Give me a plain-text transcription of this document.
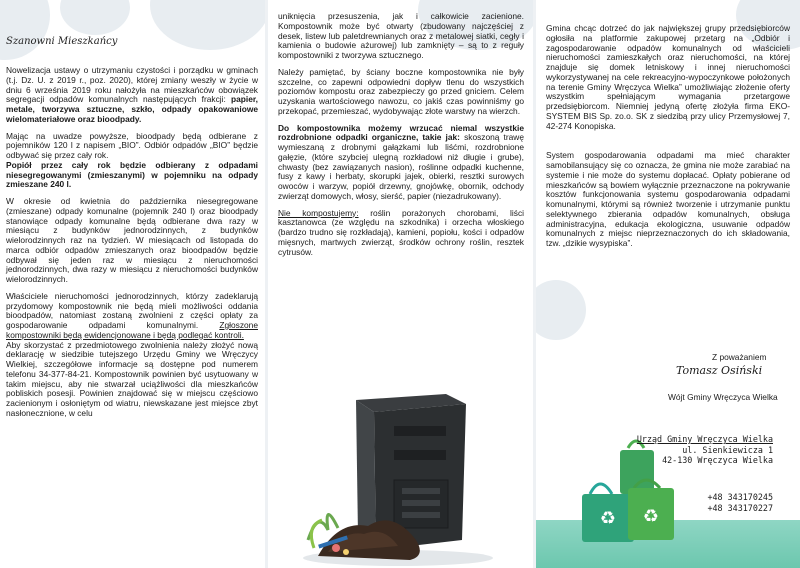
Szanowni Mieszkańcy

Nowelizacja ustawy o utrzymaniu czystości i porządku w gminach (t.j. Dz. U. z 2019 r., poz. 2020), której zmiany weszły w życie w dniu 6 września 2019 roku nałożyła na mieszkańców obowiązek segregacji odpadów komunalnych następujących frakcji: papier, metale, tworzywa sztuczne, szkło, odpady opakowaniowe wielomateriałowe oraz bioodpady.

Mając na uwadze powyższe, bioodpady będą odbierane z pojemników 120 l z napisem „BIO”. Odbiór odpadów „BIO” będzie odbywać się przez cały rok.

Popiół przez cały rok będzie odbierany z odpadami niesegregowanymi (zmieszanymi) w pojemniku na odpady zmieszane 240 l.

W okresie od kwietnia do października niesegregowane (zmieszane) odpady komunalne (pojemnik 240 l) oraz bioodpady stanowiące odpady komunalne będą odbierane dwa razy w miesiącu z budynków jednorodzinnych, z budynków wielorodzinnych raz na tydzień. W miesiącach od listopada do marca odbiór odpadów zmieszanych oraz bioodpadów będzie odbywał się jeden raz w miesiącu z nieruchomości jednorodzinnych, dwa razy w miesiącu z nieruchomości budynków wielorodzinnych.

Właściciele nieruchomości jednorodzinnych, którzy zadeklarują przydomowy kompostownik nie będą mieli możliwości oddania bioodpadów, natomiast zostaną zwolnieni z części opłaty za gospodarowanie odpadami komunalnymi.	Zgłoszone kompostowniki będą ewidencjonowane i będą podlegać kontroli.

Aby skorzystać z przedmiotowego zwolnienia należy złożyć nową deklarację w siedzibie tutejszego Urzędu Gminy we Wręczycy Wielkiej, szczegółowe informacje są dostępne pod numerem telefonu 34-377-84-21. Kompostownik powinien być usytuowany w takim miejscu, aby nie stwarzał uciążliwości dla mieszkańców pobliskich posesji. Powinien znajdować się w miejscu częściowo zacienionym i osłoniętym od wiatru, niewskazane jest miejsce zbyt nasłonecznione, w celu

uniknięcia przesuszenia, jak i całkowicie zacienione. Kompostownik może być otwarty (zbudowany najczęściej z desek, listew lub paletdrewnianych oraz z metalowej siatki, cegły i kamienia o budowie ażurowej) lub zamknięty – są to z reguły kompostowniki z tworzywa sztucznego.

Należy pamiętać, by ściany boczne kompostownika nie były szczelne, co zapewni odpowiedni dopływ tlenu do wszystkich poziomów kompostu oraz zabezpieczy go przed gniciem. Celem uzyskania wartościowego nawozu, co jakiś czas powinniśmy go przekopać, przemieszać, wydobywając złote warstwy na wierzch.

Do kompostownika możemy wrzucać niemal wszystkie rozdrobnione odpadki organiczne, takie jak: skoszoną trawę wymieszaną z drobnymi gałązkami lub liśćmi, rozdrobnione gałęzie, (które szybciej ulegną rozkładowi niż długie i grube), chwasty (bez zawiązanych nasion), roślinne odpadki kuchenne, fusy z kawy i herbaty, skorupki jajek, obierki, resztki surowych owoców i warzyw, popiół drzewny, gnojówkę, obornik, odchody zwierząt domowych, włosy, sierść, papier (niezadrukowany).

Nie kompostujemy: roślin porażonych chorobami, liści kasztanowca (ze względu na szkodnika) i orzecha włoskiego (bardzo trudno się rozkładają), kamieni, popiołu, kości i odpadów mięsnych, martwych zwierząt, środków ochrony roślin, resztek cytrusów.

Gmina chcąc dotrzeć do jak największej grupy przedsiębiorców ogłosiła na platformie zakupowej przetarg na „Odbiór i zagospodarowanie odpadów komunalnych od właścicieli nieruchomości zamieszkałych oraz nieruchomości, na której znajduje się domek letniskowy i innej nieruchomości wykorzystywanej na cele rekreacyjno-wypoczynkowe położonych na terenie Gminy Wręczyca Wielka” umożliwiając złożenie oferty wszystkim spełniającym wymagania przetargowe przedsiębiorcom. Niemniej jedyną ofertę złożyła firma EKO-SYSTEM BIS Sp. zo.o. SK z siedzibą przy ulicy Przemysłowej 7, 42-274 Konopiska.

System gospodarowania odpadami ma mieć charakter samobilansujący się co oznacza, że gmina nie może zarabiać na systemie i nie może do systemu dopłacać. Opłaty pobierane od mieszkańców są bowiem wyłącznie przeznaczone na pokrywanie kosztów funkcjonowania systemu gospodarowania odpadami komunalnymi, którymi są również tworzenie i utrzymanie punktu selektywnego zbierania odpadów komunalnych, obsługa administracyjna, edukacja ekologiczna, usuwanie odpadów komunalnych z miejsc nieprzeznaczonych do ich składowania, tzw. „dzikie wysypiska”.

Z poważaniem
Tomasz Osiński
Wójt Gminy Wręczyca Wielka
♻ ♻
Urząd Gminy Wręczyca Wielka
ul. Sienkiewicza 1
42-130 Wręczyca Wielka
+48 343170245
+48 343170227
